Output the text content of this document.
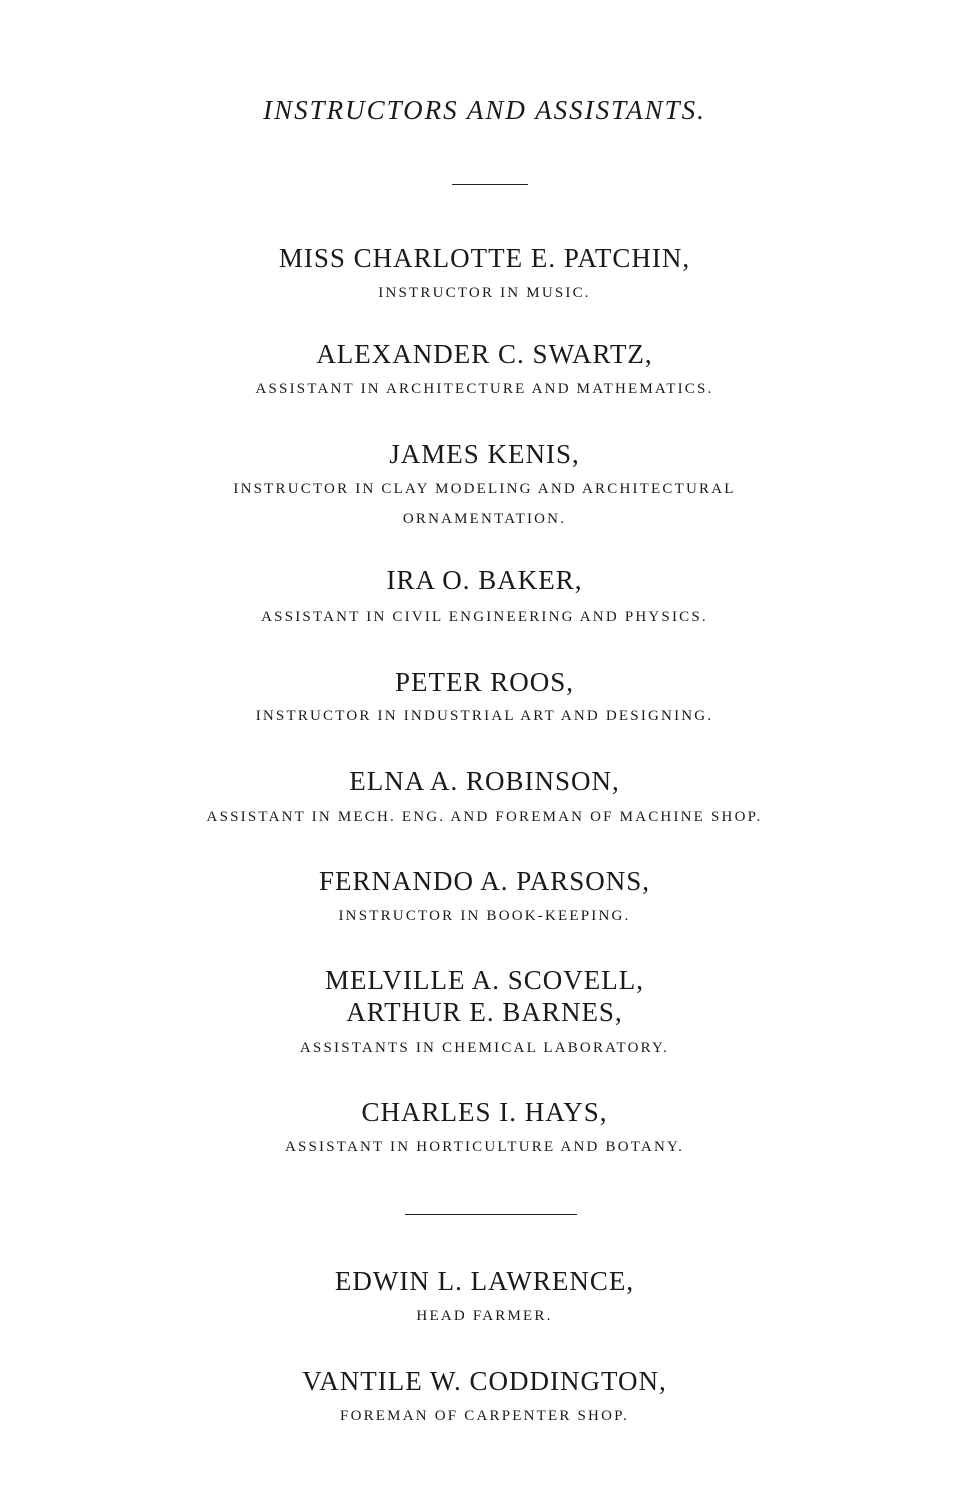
INSTRUCTORS AND ASSISTANTS.
MISS CHARLOTTE E. PATCHIN,
INSTRUCTOR IN MUSIC.
ALEXANDER C. SWARTZ,
ASSISTANT IN ARCHITECTURE AND MATHEMATICS.
JAMES KENIS,
INSTRUCTOR IN CLAY MODELING AND ARCHITECTURAL
ORNAMENTATION.
IRA O. BAKER,
ASSISTANT IN CIVIL ENGINEERING AND PHYSICS.
PETER ROOS,
INSTRUCTOR IN INDUSTRIAL ART AND DESIGNING.
ELNA A. ROBINSON,
ASSISTANT IN MECH. ENG. AND FOREMAN OF MACHINE SHOP.
FERNANDO A. PARSONS,
INSTRUCTOR IN BOOK-KEEPING.
MELVILLE A. SCOVELL,
ARTHUR E. BARNES,
ASSISTANTS IN CHEMICAL LABORATORY.
CHARLES I. HAYS,
ASSISTANT IN HORTICULTURE AND BOTANY.
EDWIN L. LAWRENCE,
HEAD FARMER.
VANTILE W. CODDINGTON,
FOREMAN OF CARPENTER SHOP.
